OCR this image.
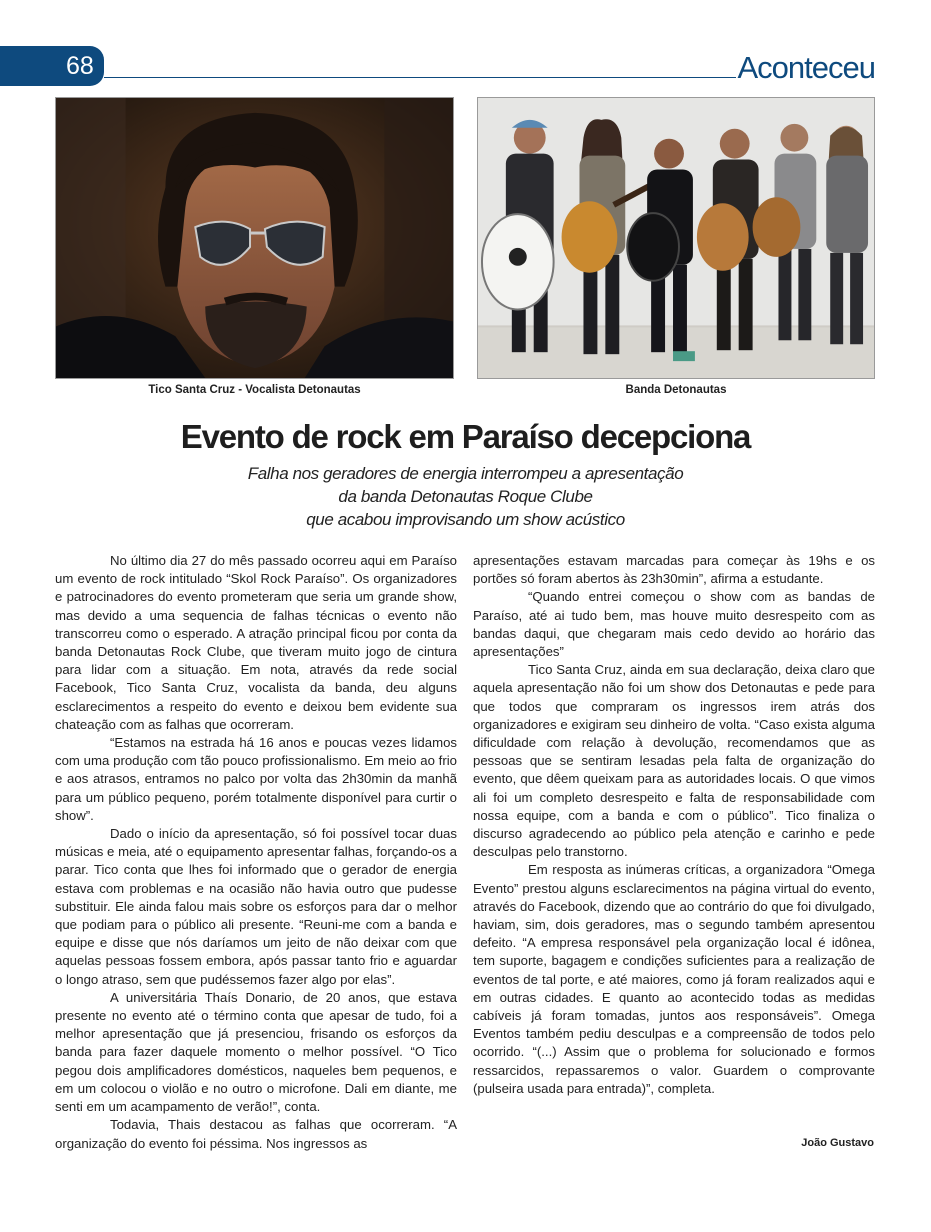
68	Aconteceu
Tico Santa Cruz - Vocalista Detonautas	Banda Detonautas
Evento de rock em Paraíso decepciona
Falha nos geradores de energia interrompeu a apresentação
da banda Detonautas Roque Clube
que acabou improvisando um show acústico

No último dia 27 do mês passado ocorreu aqui em Paraíso um evento de rock intitulado “Skol Rock Paraíso”. Os organizadores e patrocinadores do evento prometeram que seria um grande show, mas devido a uma sequencia de falhas técnicas o evento não transcorreu como o esperado. A atração principal ficou por conta da banda Detonautas Rock Clube, que tiveram muito jogo de cintura para lidar com a situação. Em nota, através da rede social Facebook, Tico Santa Cruz, vocalista da banda, deu alguns esclarecimentos a respeito do evento e deixou bem evidente sua chateação com as falhas que ocorreram.

“Estamos na estrada há 16 anos e poucas vezes lidamos com uma produção com tão pouco profissionalismo. Em meio ao frio e aos atrasos, entramos no palco por volta das 2h30min da manhã para um público pequeno, porém totalmente disponível para curtir o show”.

Dado o início da apresentação, só foi possível tocar duas músicas e meia, até o equipamento apresentar falhas, forçando-os a parar. Tico conta que lhes foi informado que o gerador de energia estava com problemas e na ocasião não havia outro que pudesse substituir. Ele ainda falou mais sobre os esforços para dar o melhor que podiam para o público ali presente. “Reuni-me com a banda e equipe e disse que nós daríamos um jeito de não deixar com que aquelas pessoas fossem embora, após passar tanto frio e aguardar o longo atraso, sem que pudéssemos fazer algo por elas”.

A universitária Thaís Donario, de 20 anos, que estava presente no evento até o término conta que apesar de tudo, foi a melhor apresentação que já presenciou, frisando os esforços da banda para fazer daquele momento o melhor possível. “O Tico pegou dois amplificadores domésticos, naqueles bem pequenos, e em um colocou o violão e no outro o microfone. Dali em diante, me senti em um acampamento de verão!”, conta.

Todavia, Thais destacou as falhas que ocorreram. “A organização do evento foi péssima. Nos ingressos as

apresentações estavam marcadas para começar às 19hs e os portões só foram abertos às 23h30min”, afirma a estudante.

“Quando entrei começou o show com as bandas de Paraíso, até ai tudo bem, mas houve muito desrespeito com as bandas daqui, que chegaram mais cedo devido ao horário das apresentações”

Tico Santa Cruz, ainda em sua declaração, deixa claro que aquela apresentação não foi um show dos Detonautas e pede para que todos que compraram os ingressos irem atrás dos organizadores e exigiram seu dinheiro de volta. “Caso exista alguma dificuldade com relação à devolução, recomendamos que as pessoas que se sentiram lesadas pela falta de organização do evento, que dêem queixam para as autoridades locais. O que vimos ali foi um completo desrespeito e falta de responsabilidade com nossa equipe, com a banda e com o público”. Tico finaliza o discurso agradecendo ao público pela atenção e carinho e pede desculpas pelo transtorno.

Em resposta as inúmeras críticas, a organizadora “Omega Evento” prestou alguns esclarecimentos na página virtual do evento, através do Facebook, dizendo que ao contrário do que foi divulgado, haviam, sim, dois geradores, mas o segundo também apresentou defeito. “A empresa responsável pela organização local é idônea, tem suporte, bagagem e condições suficientes para a realização de eventos de tal porte, e até maiores, como já foram realizados aqui e em outras cidades. E quanto ao acontecido todas as medidas cabíveis já foram tomadas, juntos aos responsáveis”. Omega Eventos também pediu desculpas e a compreensão de todos pelo ocorrido. “(...) Assim que o problema for solucionado e formos ressarcidos, repassaremos o valor. Guardem o comprovante (pulseira usada para entrada)”, completa.

João Gustavo
